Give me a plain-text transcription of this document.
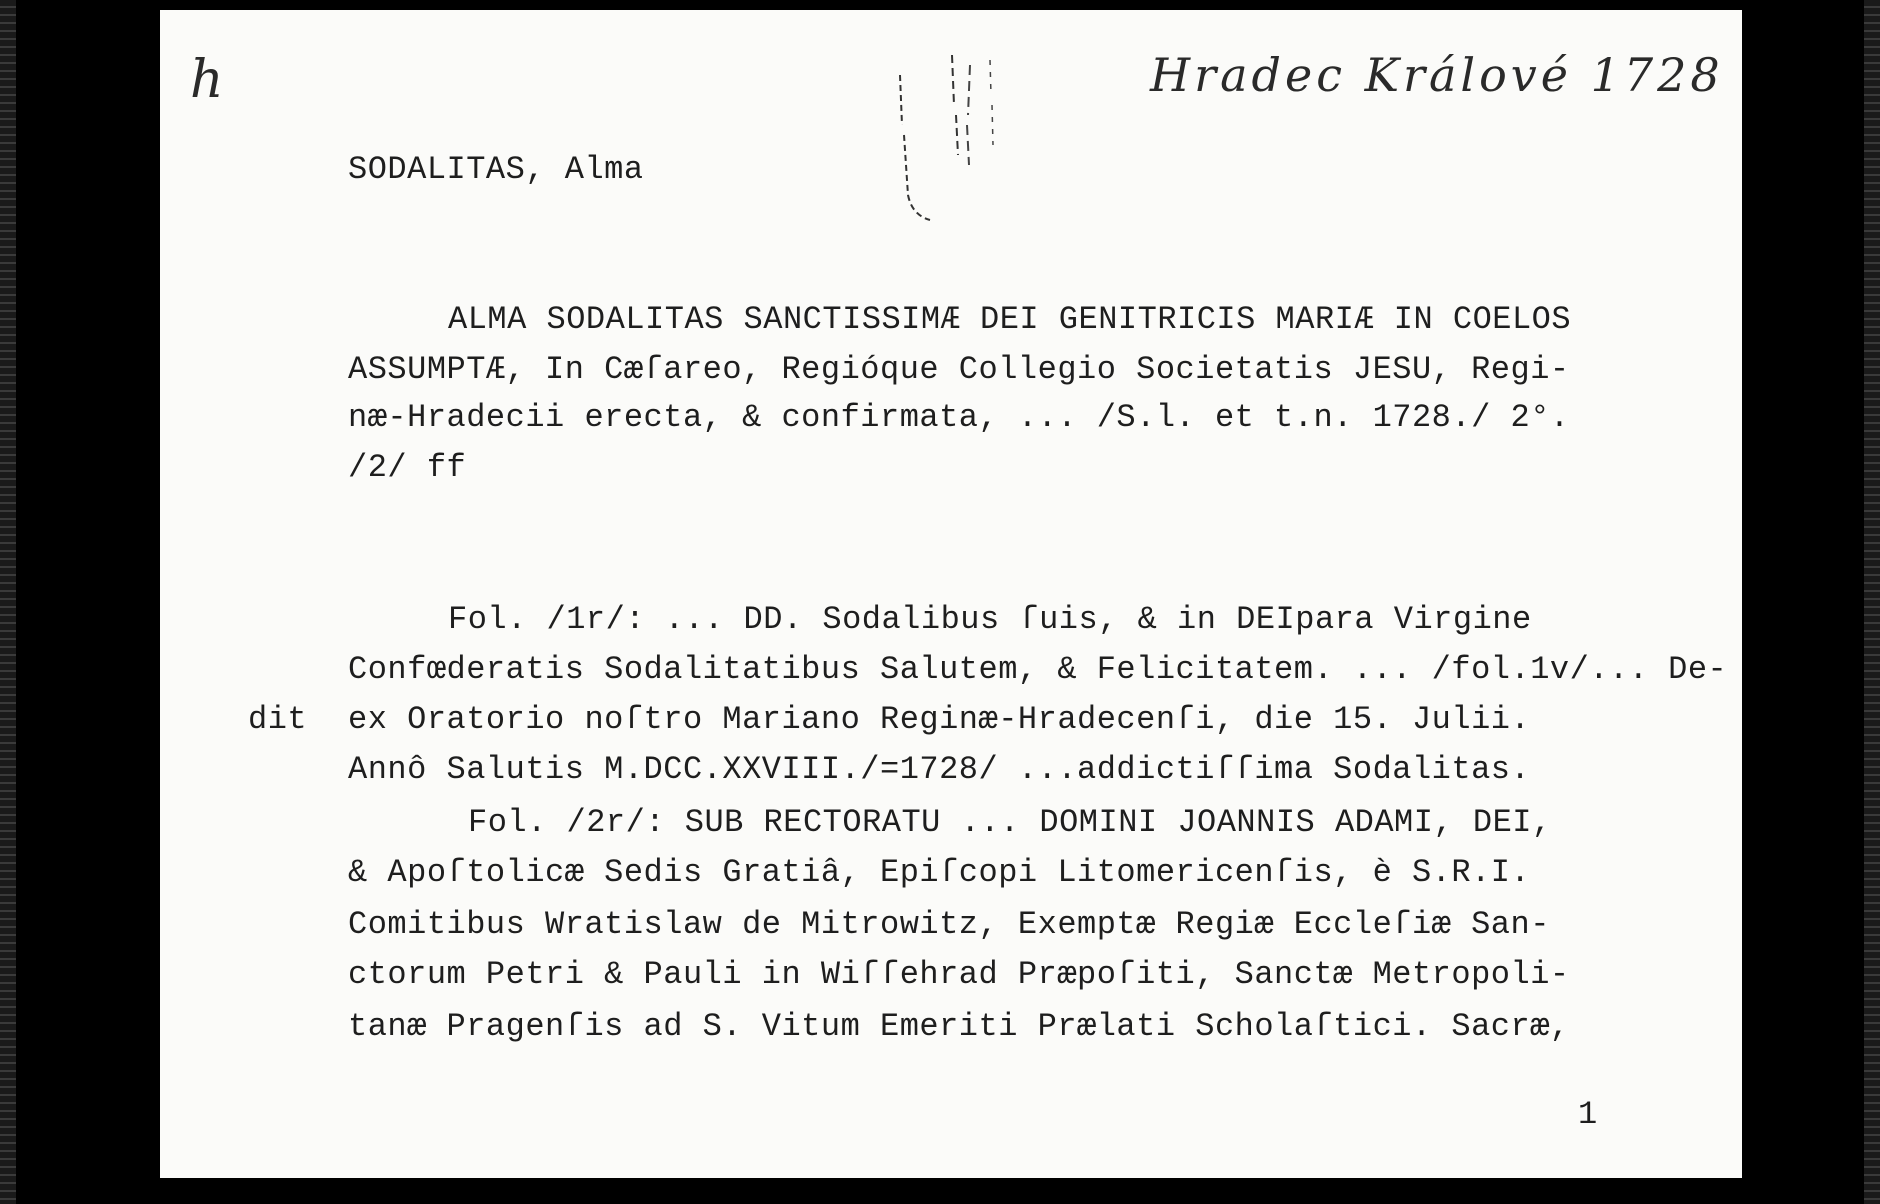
h	Hradec Králové 1728
SODALITAS, Alma
ALMA SODALITAS SANCTISSIMÆ DEI GENITRICIS MARIÆ IN COELOS
ASSUMPTÆ, In Cæſareo, Regióque Collegio Societatis JESU, Regi-
næ-Hradecii erecta, & confirmata, ... /S.l. et t.n. 1728./ 2°.
/2/ ff
Fol. /1r/: ... DD. Sodalibus ſuis, & in DEIpara Virgine
Confœderatis Sodalitatibus Salutem, & Felicitatem. ... /fol.1v/... De-
dit ex Oratorio noſtro Mariano Reginæ-Hradecenſi, die 15. Julii.
Annô Salutis M.DCC.XXVIII./=1728/ ...addictiſſima Sodalitas.
Fol. /2r/: SUB RECTORATU ... DOMINI JOANNIS ADAMI, DEI,
& Apoſtolicæ Sedis Gratiâ, Epiſcopi Litomericenſis, è S.R.I.
Comitibus Wratislaw de Mitrowitz, Exemptæ Regiæ Eccleſiæ San-
ctorum Petri & Pauli in Wiſſehrad Præpoſiti, Sanctæ Metropoli-
tanæ Pragenſis ad S. Vitum Emeriti Prælati Scholaſtici. Sacræ,
1
